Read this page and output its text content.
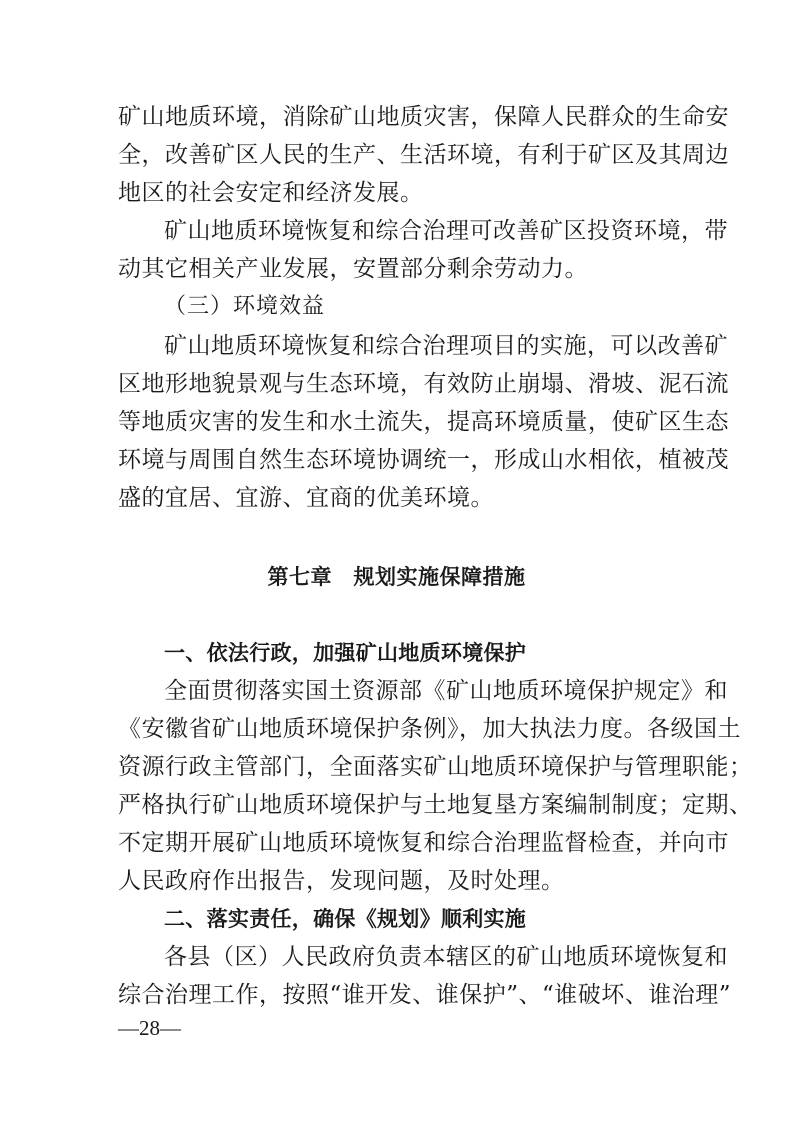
矿山地质环境，消除矿山地质灾害，保障人民群众的生命安
全，改善矿区人民的生产、生活环境，有利于矿区及其周边
地区的社会安定和经济发展。
矿山地质环境恢复和综合治理可改善矿区投资环境，带
动其它相关产业发展，安置部分剩余劳动力。
（三）环境效益
矿山地质环境恢复和综合治理项目的实施，可以改善矿
区地形地貌景观与生态环境，有效防止崩塌、滑坡、泥石流
等地质灾害的发生和水土流失，提高环境质量，使矿区生态
环境与周围自然生态环境协调统一，形成山水相依，植被茂
盛的宜居、宜游、宜商的优美环境。
第七章　规划实施保障措施
一、依法行政，加强矿山地质环境保护
全面贯彻落实国土资源部《矿山地质环境保护规定》和
《安徽省矿山地质环境保护条例》，加大执法力度。各级国土
资源行政主管部门，全面落实矿山地质环境保护与管理职能；
严格执行矿山地质环境保护与土地复垦方案编制制度；定期、
不定期开展矿山地质环境恢复和综合治理监督检查，并向市
人民政府作出报告，发现问题，及时处理。
二、落实责任，确保《规划》顺利实施
各县（区）人民政府负责本辖区的矿山地质环境恢复和
综合治理工作，按照“谁开发、谁保护”、“谁破坏、谁治理”
—28—
